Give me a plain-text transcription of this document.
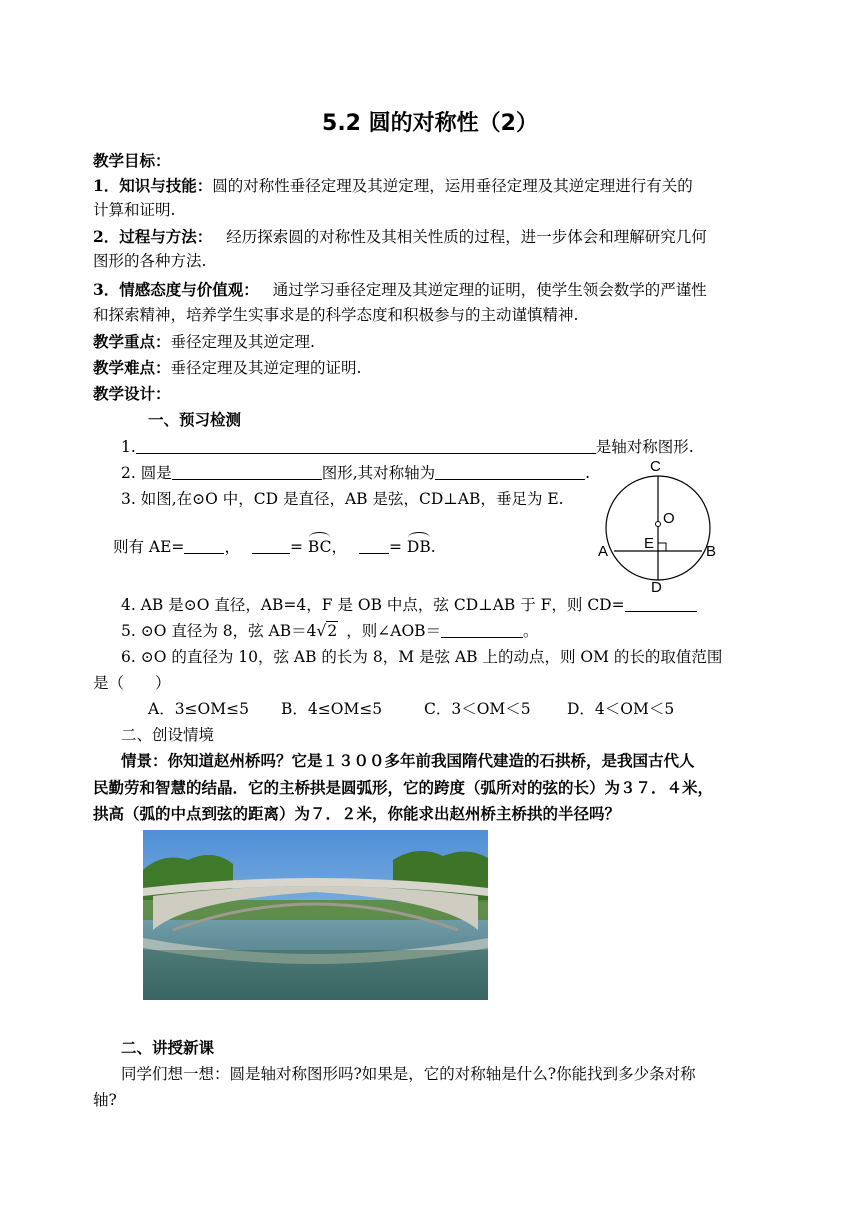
5.2 圆的对称性（2）
教学目标：
1．知识与技能：圆的对称性垂径定理及其逆定理，运用垂径定理及其逆定理进行有关的
计算和证明.
2．过程与方法： 经历探索圆的对称性及其相关性质的过程，进一步体会和理解研究几何
图形的各种方法.
3．情感态度与价值观： 通过学习垂径定理及其逆定理的证明，使学生领会数学的严谨性
和探索精神，培养学生实事求是的科学态度和积极参与的主动谨慎精神.
教学重点：垂径定理及其逆定理.
教学难点：垂径定理及其逆定理的证明.
教学设计：
一、预习检测
1.	是轴对称图形.
2. 圆是	图形,其对称轴为	.
3. 如图,在⊙O 中，CD 是直径，AB 是弦，CD⊥AB，垂足为 E.
则有 AE=	，	= BC，	= DB.
C
O
E
A	B
D
4. AB 是⊙O 直径，AB=4，F 是 OB 中点，弦 CD⊥AB 于 F，则 CD=
5. ⊙O 直径为 8，弦 AB＝4√2 ，则∠AOB＝	。
6. ⊙O 的直径为 10，弦 AB 的长为 8，M 是弦 AB 上的动点，则 OM 的长的取值范围
是（　　）
A．3≤OM≤5 B．4≤OM≤5	C．3＜OM＜5 D．4＜OM＜5
二、创设情境
情景：你知道赵州桥吗？它是１３００多年前我国隋代建造的石拱桥，是我国古代人
民勤劳和智慧的结晶．它的主桥拱是圆弧形，它的跨度（弧所对的弦的长）为３７．４米，
拱高（弧的中点到弦的距离）为７．２米，你能求出赵州桥主桥拱的半径吗？
二、讲授新课
同学们想一想：圆是轴对称图形吗?如果是，它的对称轴是什么?你能找到多少条对称
轴?
